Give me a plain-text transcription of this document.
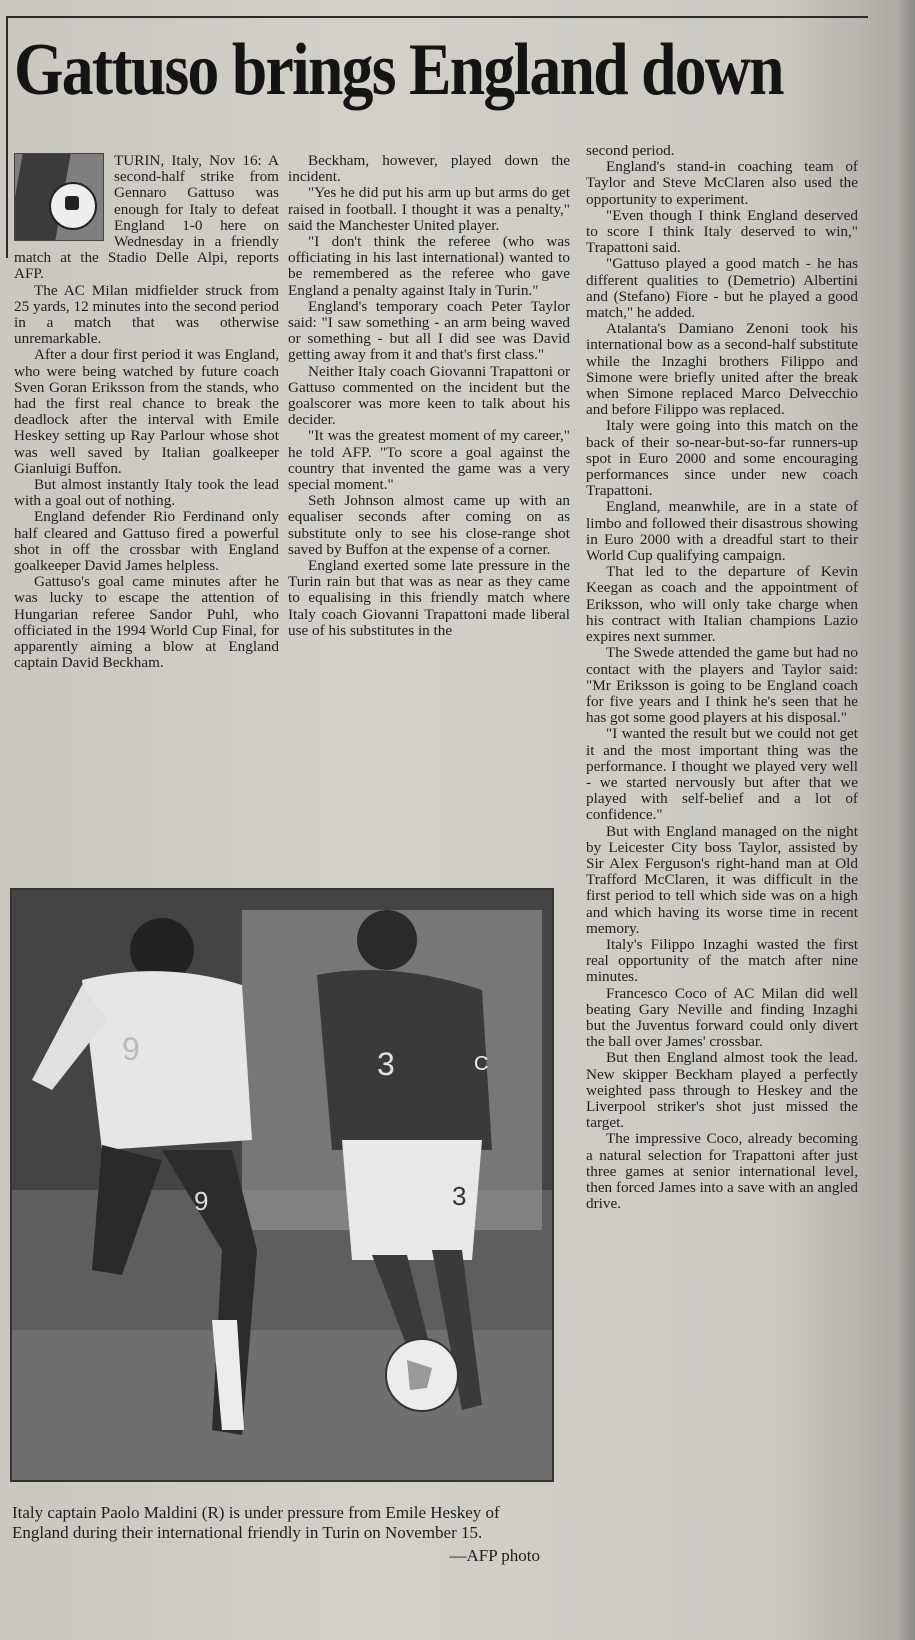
Gattuso brings England down

TURIN, Italy, Nov 16: A second-half strike from Gennaro Gattuso was enough for Italy to defeat England 1-0 here on Wednesday in a friendly match at the Stadio Delle Alpi, reports AFP.

The AC Milan midfielder struck from 25 yards, 12 minutes into the second period in a match that was otherwise unremarkable.

After a dour first period it was England, who were being watched by future coach Sven Goran Eriksson from the stands, who had the first real chance to break the deadlock after the interval with Emile Heskey setting up Ray Parlour whose shot was well saved by Italian goalkeeper Gianluigi Buffon.

But almost instantly Italy took the lead with a goal out of nothing.

England defender Rio Ferdinand only half cleared and Gattuso fired a powerful shot in off the crossbar with England goalkeeper David James helpless.

Gattuso's goal came minutes after he was lucky to escape the attention of Hungarian referee Sandor Puhl, who officiated in the 1994 World Cup Final, for apparently aiming a blow at England captain David Beckham.

Beckham, however, played down the incident.

"Yes he did put his arm up but arms do get raised in football. I thought it was a penalty," said the Manchester United player.

"I don't think the referee (who was officiating in his last international) wanted to be remembered as the referee who gave England a penalty against Italy in Turin."

England's temporary coach Peter Taylor said: "I saw something - an arm being waved or something - but all I did see was David getting away from it and that's first class."

Neither Italy coach Giovanni Trapattoni or Gattuso commented on the incident but the goalscorer was more keen to talk about his decider.

"It was the greatest moment of my career," he told AFP. "To score a goal against the country that invented the game was a very special moment."

Seth Johnson almost came up with an equaliser seconds after coming on as substitute only to see his close-range shot saved by Buffon at the expense of a corner.

England exerted some late pressure in the Turin rain but that was as near as they came to equalising in this friendly match where Italy coach Giovanni Trapattoni made liberal use of his substitutes in the

second period.

England's stand-in coaching team of Taylor and Steve McClaren also used the opportunity to experiment.

"Even though I think England deserved to score I think Italy deserved to win," Trapattoni said.

"Gattuso played a good match - he has different qualities to (Demetrio) Albertini and (Stefano) Fiore - but he played a good match," he added.

Atalanta's Damiano Zenoni took his international bow as a second-half substitute while the Inzaghi brothers Filippo and Simone were briefly united after the break when Simone replaced Marco Delvecchio and before Filippo was replaced.

Italy were going into this match on the back of their so-near-but-so-far runners-up spot in Euro 2000 and some encouraging performances since under new coach Trapattoni.

England, meanwhile, are in a state of limbo and followed their disastrous showing in Euro 2000 with a dreadful start to their World Cup qualifying campaign.

That led to the departure of Kevin Keegan as coach and the appointment of Eriksson, who will only take charge when his contract with Italian champions Lazio expires next summer.

The Swede attended the game but had no contact with the players and Taylor said: "Mr Eriksson is going to be England coach for five years and I think he's seen that he has got some good players at his disposal."

"I wanted the result but we could not get it and the most important thing was the performance. I thought we played very well - we started nervously but after that we played with self-belief and a lot of confidence."

But with England managed on the night by Leicester City boss Taylor, assisted by Sir Alex Ferguson's right-hand man at Old Trafford McClaren, it was difficult in the first period to tell which side was on a high and which having its worse time in recent memory.

Italy's Filippo Inzaghi wasted the first real opportunity of the match after nine minutes.

Francesco Coco of AC Milan did well beating Gary Neville and finding Inzaghi but the Juventus forward could only divert the ball over James' crossbar.

But then England almost took the lead. New skipper Beckham played a perfectly weighted pass through to Heskey and the Liverpool striker's shot just missed the target.

The impressive Coco, already becoming a natural selection for Trapattoni after just three games at senior international level, then forced James into a save with an angled drive.

9
9
3
3
C
Italy captain Paolo Maldini (R) is under pressure from Emile Heskey of England during their international friendly in Turin on November 15.
—AFP photo
